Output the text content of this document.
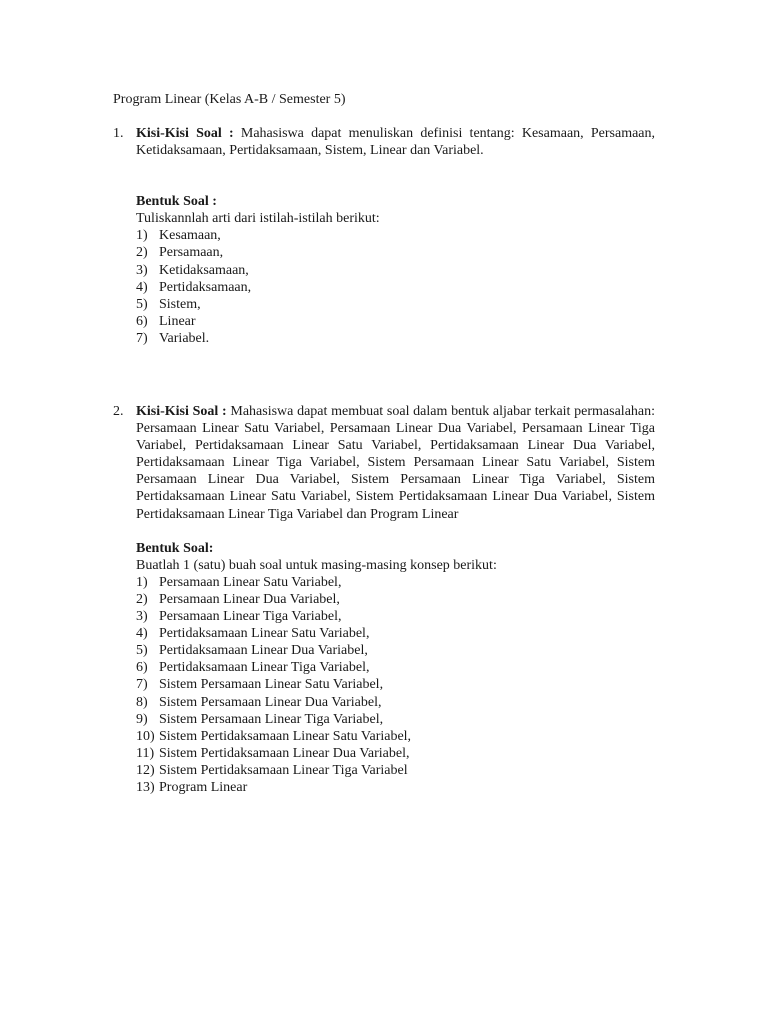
Program Linear (Kelas A-B / Semester 5)
1. Kisi-Kisi Soal : Mahasiswa dapat menuliskan definisi tentang: Kesamaan, Persamaan, Ketidaksamaan, Pertidaksamaan, Sistem, Linear dan Variabel.
Bentuk Soal :
Tuliskannlah arti dari istilah-istilah berikut:
1) Kesamaan,
2) Persamaan,
3) Ketidaksamaan,
4) Pertidaksamaan,
5) Sistem,
6) Linear
7) Variabel.
2. Kisi-Kisi Soal : Mahasiswa dapat membuat soal dalam bentuk aljabar terkait permasalahan: Persamaan Linear Satu Variabel, Persamaan Linear Dua Variabel, Persamaan Linear Tiga Variabel, Pertidaksamaan Linear Satu Variabel, Pertidaksamaan Linear Dua Variabel, Pertidaksamaan Linear Tiga Variabel, Sistem Persamaan Linear Satu Variabel, Sistem Persamaan Linear Dua Variabel, Sistem Persamaan Linear Tiga Variabel, Sistem Pertidaksamaan Linear Satu Variabel, Sistem Pertidaksamaan Linear Dua Variabel, Sistem Pertidaksamaan Linear Tiga Variabel dan Program Linear
Bentuk Soal:
Buatlah 1 (satu) buah soal untuk masing-masing konsep berikut:
1) Persamaan Linear Satu Variabel,
2) Persamaan Linear Dua Variabel,
3) Persamaan Linear Tiga Variabel,
4) Pertidaksamaan Linear Satu Variabel,
5) Pertidaksamaan Linear Dua Variabel,
6) Pertidaksamaan Linear Tiga Variabel,
7) Sistem Persamaan Linear Satu Variabel,
8) Sistem Persamaan Linear Dua Variabel,
9) Sistem Persamaan Linear Tiga Variabel,
10) Sistem Pertidaksamaan Linear Satu Variabel,
11) Sistem Pertidaksamaan Linear Dua Variabel,
12) Sistem Pertidaksamaan Linear Tiga Variabel
13) Program Linear
